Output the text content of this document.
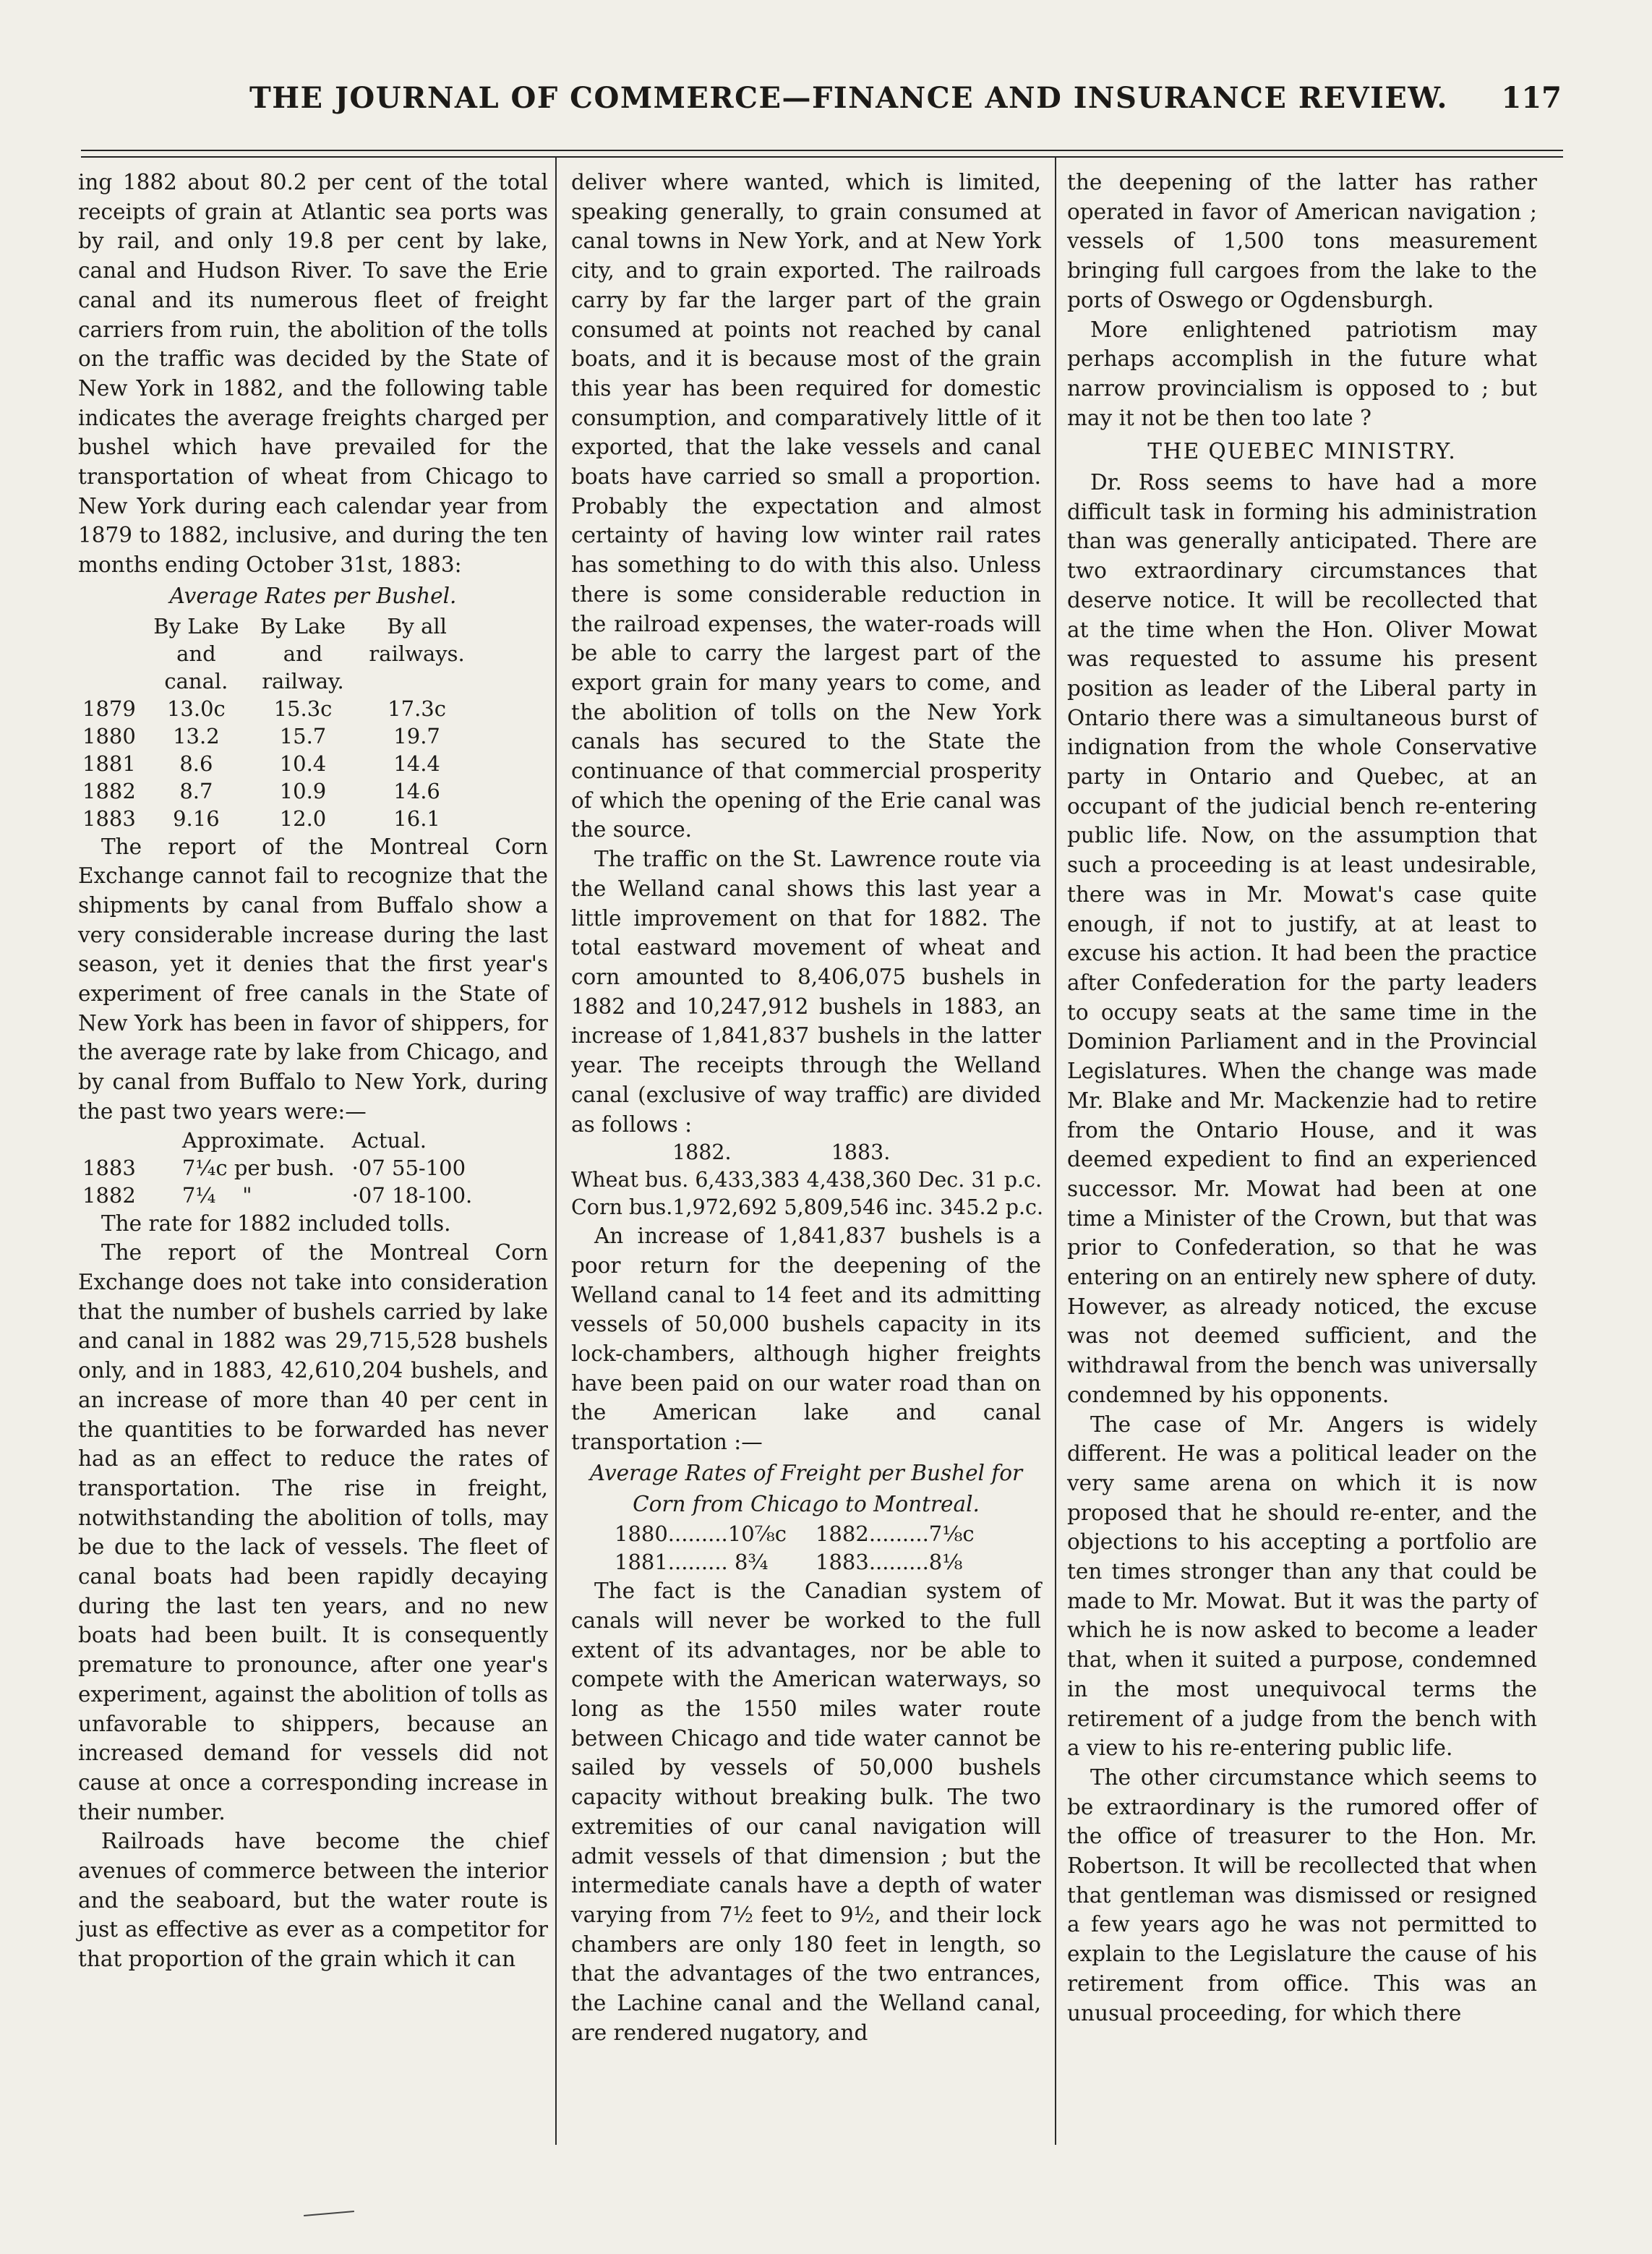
THE JOURNAL OF COMMERCE—FINANCE AND INSURANCE REVIEW. 117

ing 1882 about 80.2 per cent of the total receipts of grain at Atlantic sea ports was by rail, and only 19.8 per cent by lake, canal and Hudson River. To save the Erie canal and its numerous fleet of freight carriers from ruin, the abolition of the tolls on the traffic was decided by the State of New York in 1882, and the following table indicates the average freights charged per bushel which have prevailed for the transportation of wheat from Chicago to New York during each calendar year from 1879 to 1882, inclusive, and during the ten months ending October 31st, 1883:

Average Rates per Bushel.
	By Lake and canal.	By Lake and railway.	By all railways.
1879	13.0c	15.3c	17.3c
1880	13.2	15.7	19.7
1881	8.6	10.4	14.4
1882	8.7	10.9	14.6
1883	9.16	12.0	16.1

The report of the Montreal Corn Exchange cannot fail to recognize that the shipments by canal from Buffalo show a very considerable increase during the last season, yet it denies that the first year's experiment of free canals in the State of New York has been in favor of shippers, for the average rate by lake from Chicago, and by canal from Buffalo to New York, during the past two years were:—

	Approximate.	Actual.
1883	7¼c per bush.	·07 55-100
1882	7¼    "	·07 18-100.

The rate for 1882 included tolls.

The report of the Montreal Corn Exchange does not take into consideration that the number of bushels carried by lake and canal in 1882 was 29,715,528 bushels only, and in 1883, 42,610,204 bushels, and an increase of more than 40 per cent in the quantities to be forwarded has never had as an effect to reduce the rates of transportation. The rise in freight, notwithstanding the abolition of tolls, may be due to the lack of vessels. The fleet of canal boats had been rapidly decaying during the last ten years, and no new boats had been built. It is consequently premature to pronounce, after one year's experiment, against the abolition of tolls as unfavorable to shippers, because an increased demand for vessels did not cause at once a corresponding increase in their number.

Railroads have become the chief avenues of commerce between the interior and the seaboard, but the water route is just as effective as ever as a competitor for that proportion of the grain which it can

deliver where wanted, which is limited, speaking generally, to grain consumed at canal towns in New York, and at New York city, and to grain exported. The railroads carry by far the larger part of the grain consumed at points not reached by canal boats, and it is because most of the grain this year has been required for domestic consumption, and comparatively little of it exported, that the lake vessels and canal boats have carried so small a proportion. Probably the expectation and almost certainty of having low winter rail rates has something to do with this also. Unless there is some considerable reduction in the railroad expenses, the water-roads will be able to carry the largest part of the export grain for many years to come, and the abolition of tolls on the New York canals has secured to the State the continuance of that commercial prosperity of which the opening of the Erie canal was the source.

The traffic on the St. Lawrence route via the Welland canal shows this last year a little improvement on that for 1882. The total eastward movement of wheat and corn amounted to 8,406,075 bushels in 1882 and 10,247,912 bushels in 1883, an increase of 1,841,837 bushels in the latter year. The receipts through the Welland canal (exclusive of way traffic) are divided as follows :

1882.	1883.
Wheat bus. 6,433,383 4,438,360 Dec. 31 p.c.
Corn bus.1,972,692 5,809,546 inc. 345.2 p.c.

An increase of 1,841,837 bushels is a poor return for the deepening of the Welland canal to 14 feet and its admitting vessels of 50,000 bushels capacity in its lock-chambers, although higher freights have been paid on our water road than on the American lake and canal transportation :—

Average Rates of Freight per Bushel for
Corn from Chicago to Montreal.
1880.........10⅞c	1882.........7⅛c
1881......... 8¾	1883.........8⅛

The fact is the Canadian system of canals will never be worked to the full extent of its advantages, nor be able to compete with the American waterways, so long as the 1550 miles water route between Chicago and tide water cannot be sailed by vessels of 50,000 bushels capacity without breaking bulk. The two extremities of our canal navigation will admit vessels of that dimension ; but the intermediate canals have a depth of water varying from 7½ feet to 9½, and their lock chambers are only 180 feet in length, so that the advantages of the two entrances, the Lachine canal and the Welland canal, are rendered nugatory, and

the deepening of the latter has rather operated in favor of American navigation ; vessels of 1,500 tons measurement bringing full cargoes from the lake to the ports of Oswego or Ogdensburgh.

More enlightened patriotism may perhaps accomplish in the future what narrow provincialism is opposed to ; but may it not be then too late ?

THE QUEBEC MINISTRY.

Dr. Ross seems to have had a more difficult task in forming his administration than was generally anticipated. There are two extraordinary circumstances that deserve notice. It will be recollected that at the time when the Hon. Oliver Mowat was requested to assume his present position as leader of the Liberal party in Ontario there was a simultaneous burst of indignation from the whole Conservative party in Ontario and Quebec, at an occupant of the judicial bench re-entering public life. Now, on the assumption that such a proceeding is at least undesirable, there was in Mr. Mowat's case quite enough, if not to justify, at at least to excuse his action. It had been the practice after Confederation for the party leaders to occupy seats at the same time in the Dominion Parliament and in the Provincial Legislatures. When the change was made Mr. Blake and Mr. Mackenzie had to retire from the Ontario House, and it was deemed expedient to find an experienced successor. Mr. Mowat had been at one time a Minister of the Crown, but that was prior to Confederation, so that he was entering on an entirely new sphere of duty. However, as already noticed, the excuse was not deemed sufficient, and the withdrawal from the bench was universally condemned by his opponents.

The case of Mr. Angers is widely different. He was a political leader on the very same arena on which it is now proposed that he should re-enter, and the objections to his accepting a portfolio are ten times stronger than any that could be made to Mr. Mowat. But it was the party of which he is now asked to become a leader that, when it suited a purpose, condemned in the most unequivocal terms the retirement of a judge from the bench with a view to his re-entering public life.

The other circumstance which seems to be extraordinary is the rumored offer of the office of treasurer to the Hon. Mr. Robertson. It will be recollected that when that gentleman was dismissed or resigned a few years ago he was not permitted to explain to the Legislature the cause of his retirement from office. This was an unusual proceeding, for which there
